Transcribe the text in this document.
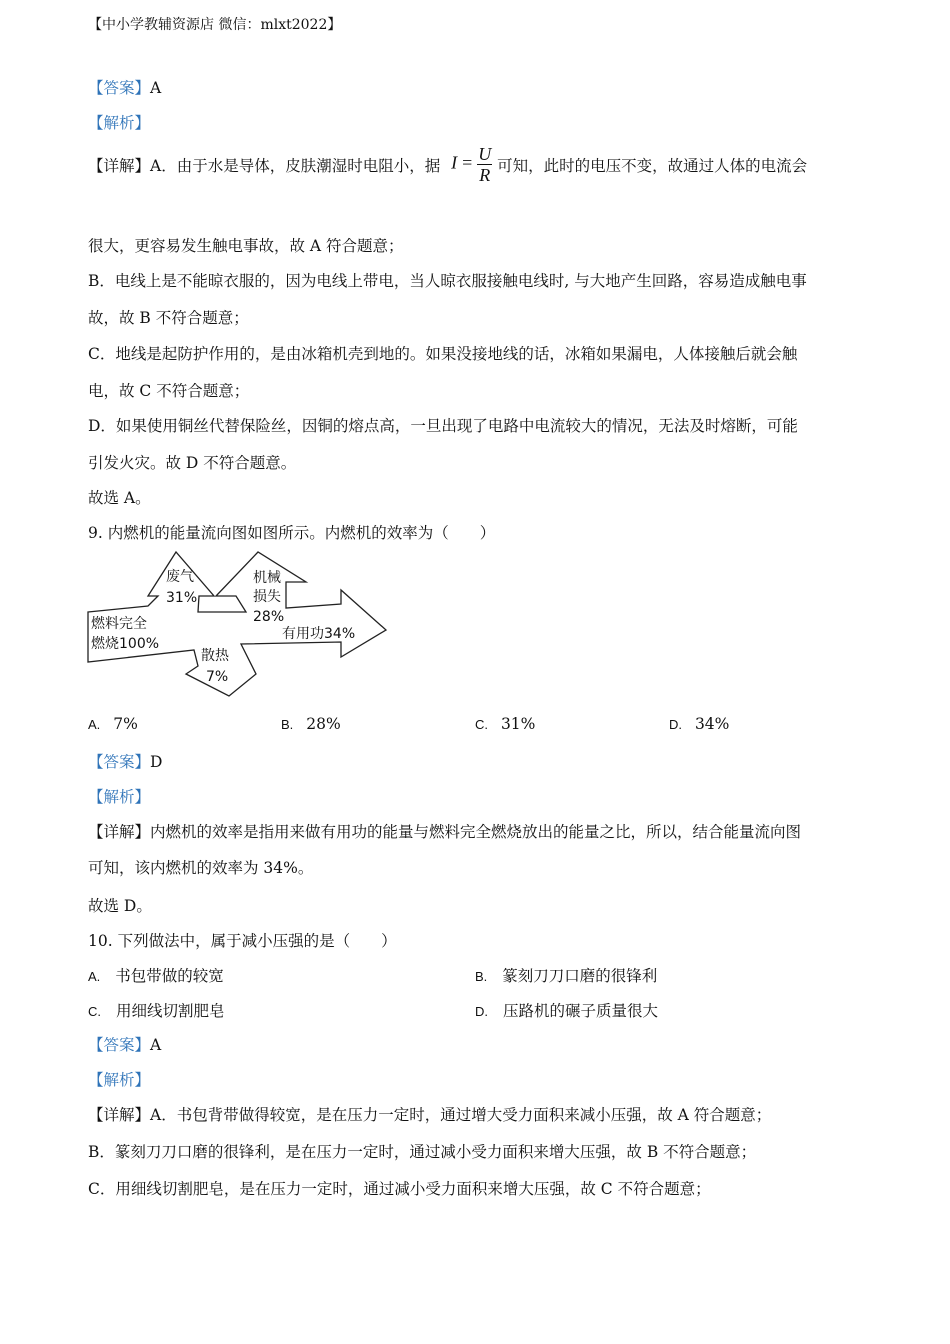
【中小学教辅资源店 微信：mlxt2022】
【答案】A
【解析】
【详解】A．由于水是导体，皮肤潮湿时电阻小，据 $I = \frac{U}{R}$ 可知，此时的电压不变，故通过人体的电流会
很大，更容易发生触电事故，故 A 符合题意；
B．电线上是不能晾衣服的，因为电线上带电，当人晾衣服接触电线时, 与大地产生回路，容易造成触电事
故，故 B 不符合题意；
C．地线是起防护作用的，是由冰箱机壳到地的。如果没接地线的话，冰箱如果漏电，人体接触后就会触
电，故 C 不符合题意；
D．如果使用铜丝代替保险丝，因铜的熔点高，一旦出现了电路中电流较大的情况，无法及时熔断，可能
引发火灾。故 D 不符合题意。
故选 A。
9. 内燃机的能量流向图如图所示。内燃机的效率为（　　）
燃料完全
燃烧100%
废气
31%
机械
损失
28%
有用功34%
散热
7%
A. 7%	B. 28%	C. 31%	D. 34%
【答案】D
【解析】
【详解】内燃机的效率是指用来做有用功的能量与燃料完全燃烧放出的能量之比，所以，结合能量流向图
可知，该内燃机的效率为 34%。
故选 D。
10. 下列做法中，属于减小压强的是（　　）
A. 书包带做的较宽	B. 篆刻刀刀口磨的很锋利
C. 用细线切割肥皂	D. 压路机的碾子质量很大
【答案】A
【解析】
【详解】A．书包背带做得较宽，是在压力一定时，通过增大受力面积来减小压强，故 A 符合题意；
B．篆刻刀刀口磨的很锋利，是在压力一定时，通过减小受力面积来增大压强，故 B 不符合题意；
C．用细线切割肥皂，是在压力一定时，通过减小受力面积来增大压强，故 C 不符合题意；
